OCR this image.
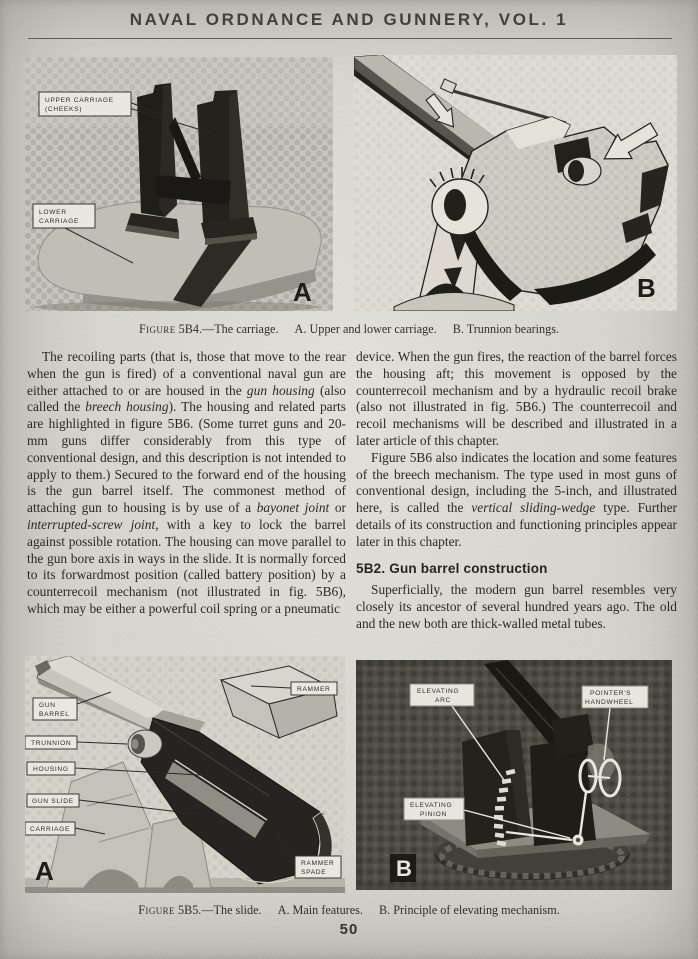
NAVAL ORDNANCE AND GUNNERY, VOL. 1
UPPER CARRIAGE
(CHEEKS)
LOWER
CARRIAGE
A	B
Figure 5B4.—The carriage. A. Upper and lower carriage. B. Trunnion bearings.

The recoiling parts (that is, those that move to the rear when the gun is fired) of a conventional naval gun are either attached to or are housed in the gun housing (also called the breech housing). The housing and related parts are highlighted in figure 5B6. (Some turret guns and 20-mm guns differ considerably from this type of conventional design, and this description is not intended to apply to them.) Secured to the forward end of the housing is the gun barrel itself. The commonest method of attaching gun to housing is by use of a bayonet joint or interrupted-screw joint, with a key to lock the barrel against possible rotation. The housing can move parallel to the gun bore axis in ways in the slide. It is normally forced to its forwardmost position (called battery position) by a counterrecoil mechanism (not illustrated in fig. 5B6), which may be either a powerful coil spring or a pneumatic

device. When the gun fires, the reaction of the barrel forces the housing aft; this movement is opposed by the counterrecoil mechanism and by a hydraulic recoil brake (also not illustrated in fig. 5B6.) The counterrecoil and recoil mechanisms will be described and illustrated in a later article of this chapter.

Figure 5B6 also indicates the location and some features of the breech mechanism. The type used in most guns of conventional design, including the 5-inch, and illustrated here, is called the vertical sliding-wedge type. Further details of its construction and functioning principles appear later in this chapter.

5B2. Gun barrel construction

Superficially, the modern gun barrel resembles very closely its ancestor of several hundred years ago. The old and the new both are thick-walled metal tubes.

GUN
BARREL
TRUNNION
HOUSING
GUN SLIDE
CARRIAGE
RAMMER
RAMMER
SPADE
A
ELEVATING
ARC
POINTER'S
HANDWHEEL
ELEVATING
PINION
B
Figure 5B5.—The slide. A. Main features. B. Principle of elevating mechanism.
50
